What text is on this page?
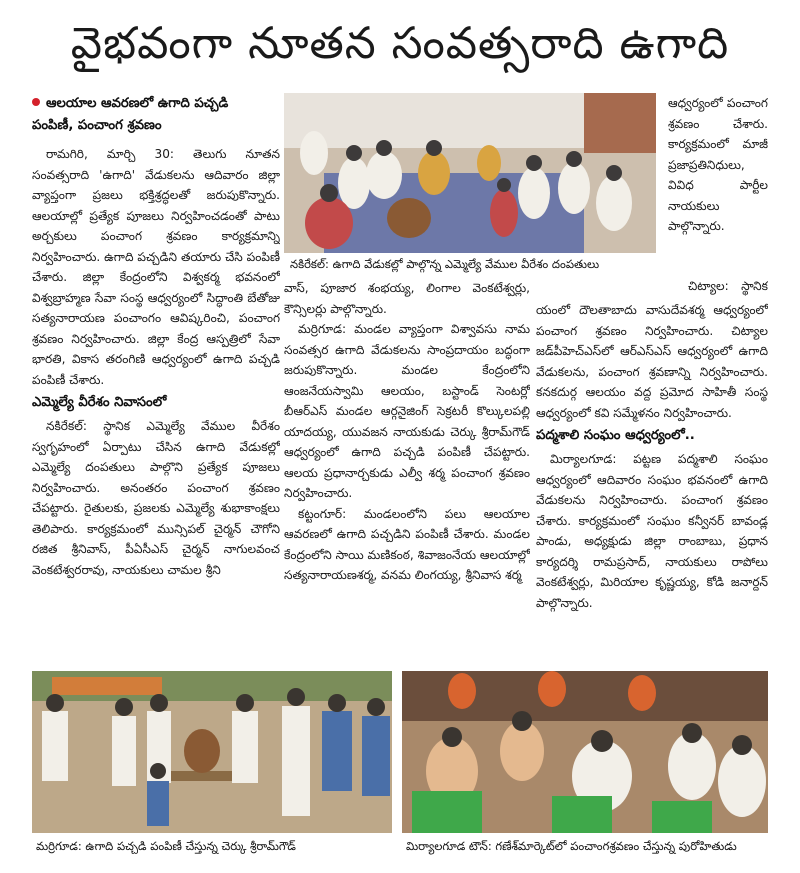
వైభవంగా నూతన సంవత్సరాది ఉగాది
ఆలయాల ఆవరణలో ఉగాది పచ్చడి
పంపిణీ, పంచాంగ శ్రవణం

రామగిరి, మార్చి 30: తెలుగు నూతన సంవత్సరాది 'ఉగాది' వేడుకలను ఆదివారం జిల్లా వ్యాప్తంగా ప్రజలు భక్తిశ్రద్ధలతో జరుపుకొన్నారు. ఆలయాల్లో ప్రత్యేక పూజలు నిర్వహించడంతో పాటు అర్చకులు పంచాంగ శ్రవణం కార్యక్రమాన్ని నిర్వహించారు. ఉగాది పచ్చడిని తయారు చేసి పంపిణీ చేశారు. జిల్లా కేంద్రంలోని విశ్వకర్మ భవనంలో విశ్వబ్రాహ్మణ సేవా సంస్థ ఆధ్వర్యంలో సిద్ధాంతి బేతోజు సత్యనారాయణ పంచాంగం ఆవిష్కరించి, పంచాంగ శ్రవణం నిర్వహించారు. జిల్లా కేంద్ర ఆస్పత్రిలో సేవా భారతి, వికాస తరంగిణి ఆధ్వర్యంలో ఉగాది పచ్చడి పంపిణీ చేశారు.

ఎమ్మెల్యే వీరేశం నివాసంలో

నకిరేకల్: స్థానిక ఎమ్మెల్యే వేముల వీరేశం స్వగృహంలో ఏర్పాటు చేసిన ఉగాది వేడుకల్లో ఎమ్మెల్యే దంపతులు పాల్గొని ప్రత్యేక పూజలు నిర్వహించారు. అనంతరం పంచాంగ శ్రవణం చేపట్టారు. రైతులకు, ప్రజలకు ఎమ్మెల్యే శుభాకాంక్షలు తెలిపారు. కార్యక్రమంలో మున్సిపల్ చైర్మన్ చౌగోని రజిత శ్రీనివాస్, పీఏసీఎస్ చైర్మన్ నాగులవంచ వెంకటేశ్వరరావు, నాయకులు చామల శ్రీని

నకిరేకల్: ఉగాది వేడుకల్లో పాల్గొన్న ఎమ్మెల్యే వేముల వీరేశం దంపతులు

వాస్, పూజార శంభయ్య, లింగాల వెంకటేశ్వర్లు, కౌన్సిలర్లు పాల్గొన్నారు.

మర్రిగూడ: మండల వ్యాప్తంగా విశ్వావసు నామ సంవత్సర ఉగాది వేడుకలను సాంప్రదాయం బద్ధంగా జరుపుకొన్నారు. మండల కేంద్రంలోని ఆంజనేయస్వామి ఆలయం, బస్టాండ్ సెంటర్లో బీఆర్ఎస్ మండల ఆర్గనైజింగ్ సెక్రటరీ కొల్కులపల్లి యాదయ్య, యువజన నాయకుడు చెర్కు శ్రీరామ్‌గౌడ్ ఆధ్వర్యంలో ఉగాది పచ్చడి పంపిణీ చేపట్టారు. ఆలయ ప్రధానార్చకుడు ఎల్వీ శర్మ పంచాంగ శ్రవణం నిర్వహించారు.

కట్టంగూర్: మండలంలోని పలు ఆలయాల ఆవరణలో ఉగాది పచ్చడిని పంపిణీ చేశారు. మండల కేంద్రంలోని సాయి మణికంఠ, శివాజంనేయ ఆలయాల్లో సత్యనారాయణశర్మ, వనమ లింగయ్య, శ్రీనివాస శర్మ

ఆధ్వర్యంలో పంచాంగ శ్రవణం చేశారు. కార్యక్రమంలో మాజీ ప్రజాప్రతినిధులు, వివిధ పార్టీల నాయకులు పాల్గొన్నారు.

చిట్యాల: స్థానిక

యంలో దౌలతాబాదు వాసుదేవశర్మ ఆధ్వర్యంలో పంచాంగ శ్రవణం నిర్వహించారు. చిట్యాల జడ్‌పీహెచ్ఎస్‌లో ఆర్ఎస్ఎస్ ఆధ్వర్యంలో ఉగాది వేడుకలను, పంచాంగ శ్రవణాన్ని నిర్వహించారు. కనకదుర్గ ఆలయం వద్ద ప్రమోద సాహితీ సంస్థ ఆధ్వర్యంలో కవి సమ్మేళనం నిర్వహించారు.

పద్మశాలి సంఘం ఆధ్వర్యంలో..

మిర్యాలగూడ: పట్టణ పద్మశాలి సంఘం ఆధ్వర్యంలో ఆదివారం సంఘం భవనంలో ఉగాది వేడుకలను నిర్వహించారు. పంచాంగ శ్రవణం చేశారు. కార్యక్రమంలో సంఘం కన్వీనర్ బావండ్ల పాండు, అధ్యక్షుడు జిల్లా రాంబాబు, ప్రధాన కార్యదర్శి రామప్రసాద్, నాయకులు రాపోలు వెంకటేశ్వర్లు, మిరియాల కృష్ణయ్య, కోడి జనార్దన్ పాల్గొన్నారు.

మర్రిగూడ: ఉగాది పచ్చడి పంపిణీ చేస్తున్న చెర్కు శ్రీరామ్‌గౌడ్	మిర్యాలగూడ టౌన్: గణేశ్‌మార్కెట్‌లో పంచాంగశ్రవణం చేస్తున్న పురోహితుడు
